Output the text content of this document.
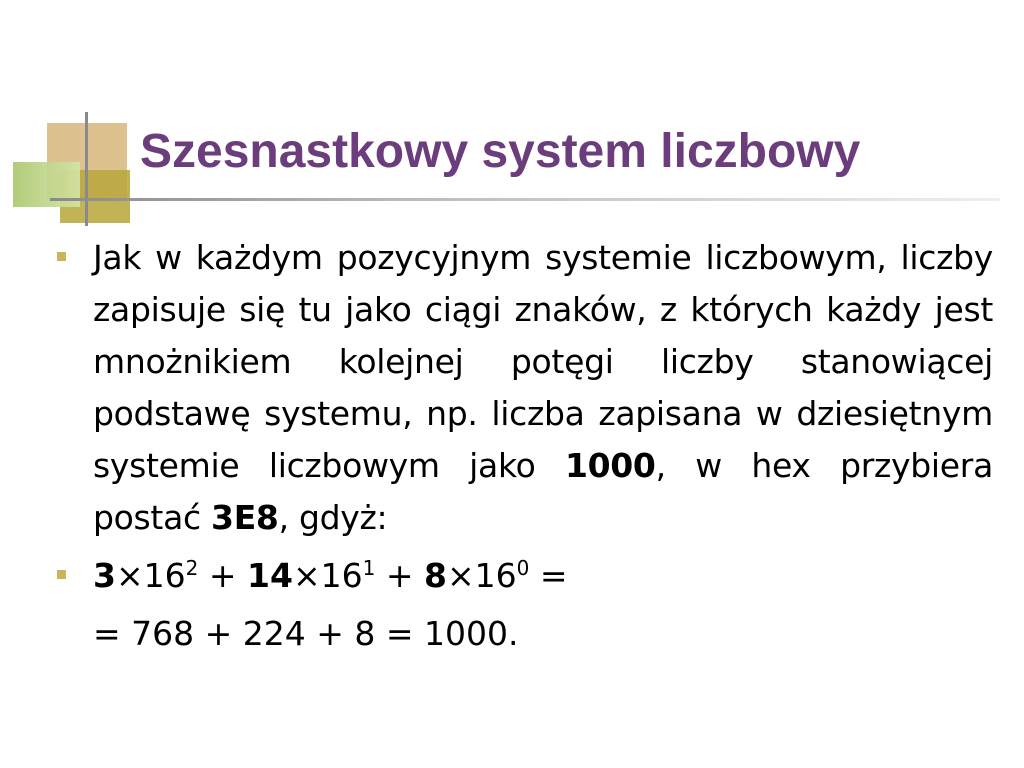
Szesnastkowy system liczbowy
Jak w każdym pozycyjnym systemie liczbowym, liczby zapisuje się tu jako ciągi znaków, z których każdy jest mnożnikiem kolejnej potęgi liczby stanowiącej podstawę systemu, np. liczba zapisana w dziesiętnym systemie liczbowym jako 1000, w hex przybiera postać 3E8, gdyż:
$3\times 16^2 + 14\times 16^1 + 8\times 16^0$ =
= 768 + 224 + 8 = 1000.
